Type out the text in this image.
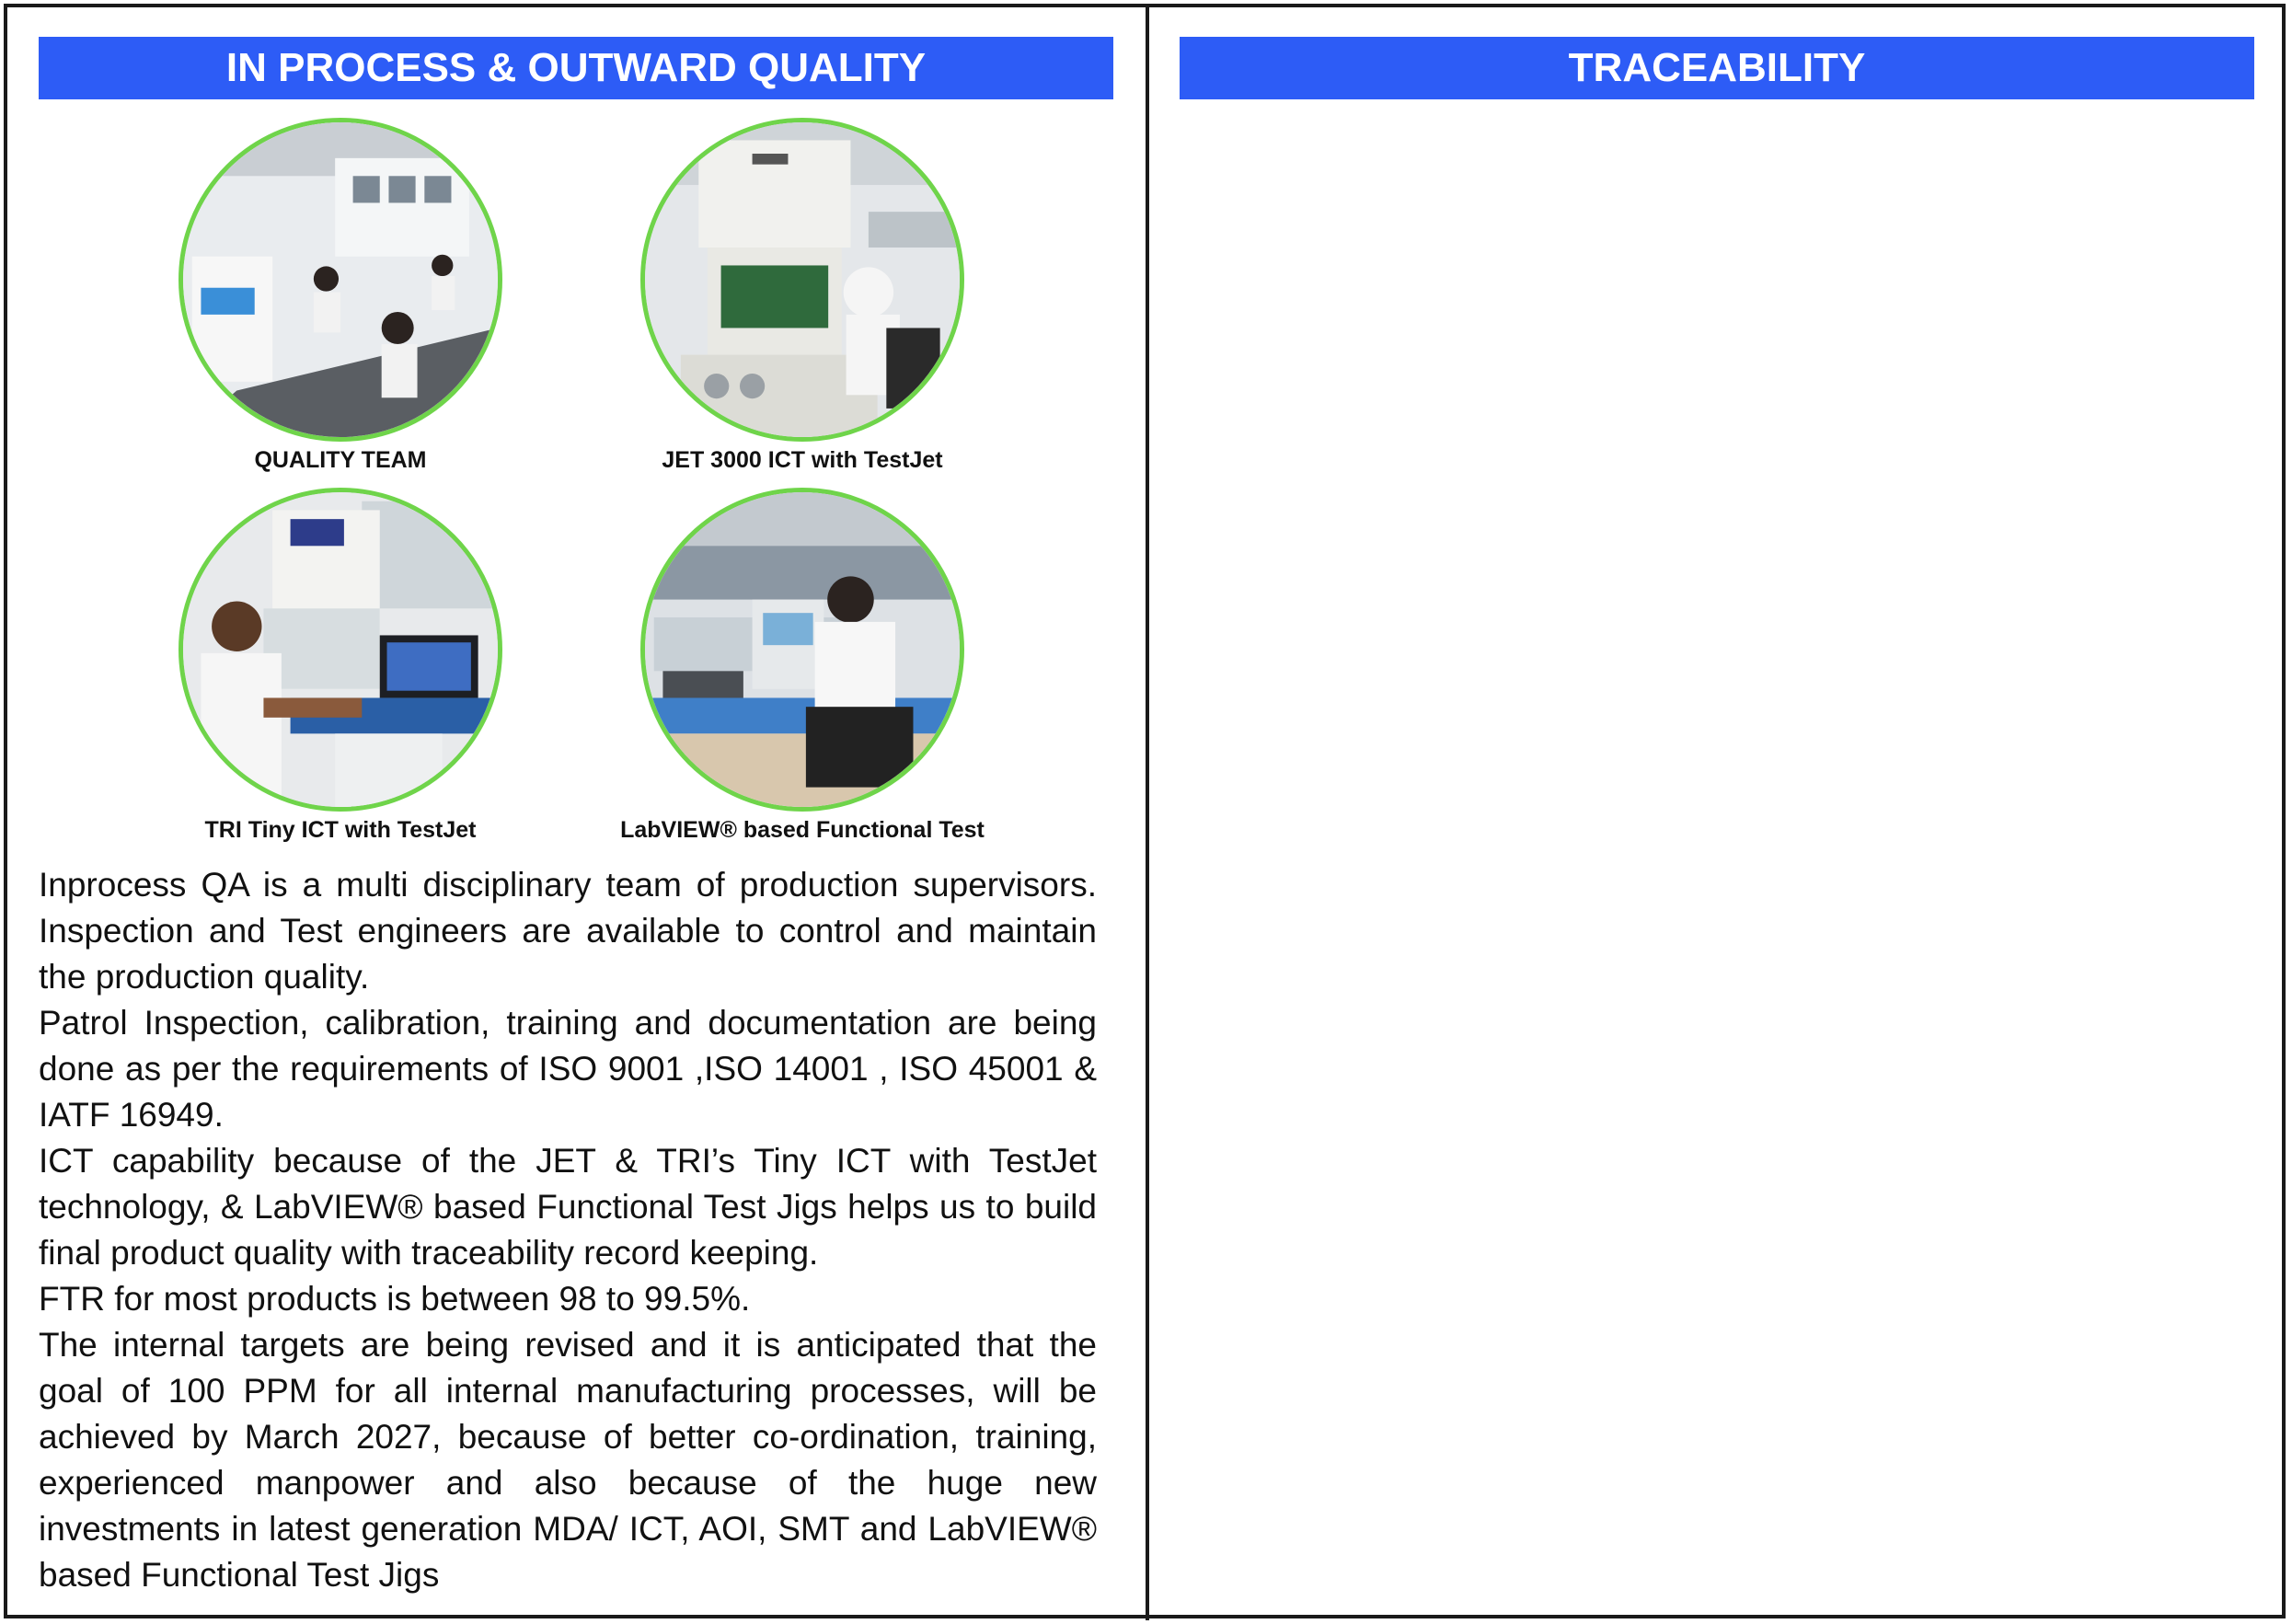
IN PROCESS & OUTWARD QUALITY
QUALITY TEAM	JET 3000 ICT with TestJet
TRI Tiny ICT with TestJet	LabVIEW® based Functional Test

Inprocess QA is a multi disciplinary team of production supervisors. Inspection and Test engineers are available to control and maintain the production quality.

Patrol Inspection, calibration, training and documentation are being done as per the requirements of ISO 9001 ,ISO 14001 , ISO 45001 & IATF 16949.

ICT capability because of the JET & TRI’s Tiny ICT with TestJet technology, & LabVIEW® based Functional Test Jigs helps us to build final product quality with traceability record keeping.

FTR for most products is between 98 to 99.5%.

The internal targets are being revised and it is anticipated that the goal of 100 PPM for all internal manufacturing processes, will be achieved by March 2027, because of better co-ordination, training, experienced manpower and also because of the huge new investments in latest generation MDA/ ICT, AOI, SMT and LabVIEW® based Functional Test Jigs

TRACEABILITY
